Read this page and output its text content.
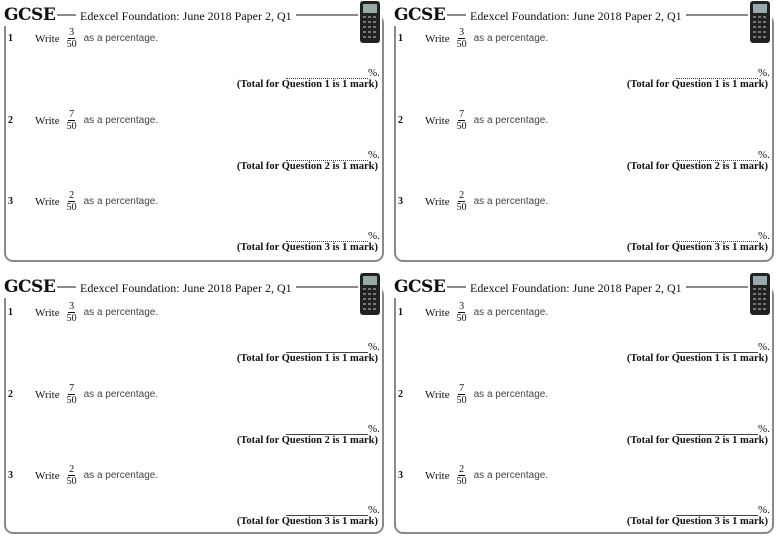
GCSE	Edexcel Foundation: June 2018 Paper 2, Q1
1 Write $\frac{3}{50}$ as a percentage.
%.
(Total for Question 1 is 1 mark)
2 Write $\frac{7}{50}$ as a percentage.
%.
(Total for Question 2 is 1 mark)
3 Write $\frac{2}{50}$ as a percentage.
%.
(Total for Question 3 is 1 mark)
GCSE	Edexcel Foundation: June 2018 Paper 2, Q1
1 Write $\frac{3}{50}$ as a percentage.
%.
(Total for Question 1 is 1 mark)
2 Write $\frac{7}{50}$ as a percentage.
%.
(Total for Question 2 is 1 mark)
3 Write $\frac{2}{50}$ as a percentage.
%.
(Total for Question 3 is 1 mark)
GCSE	Edexcel Foundation: June 2018 Paper 2, Q1
1 Write $\frac{3}{50}$ as a percentage.
%.
(Total for Question 1 is 1 mark)
2 Write $\frac{7}{50}$ as a percentage.
%.
(Total for Question 2 is 1 mark)
3 Write $\frac{2}{50}$ as a percentage.
%.
(Total for Question 3 is 1 mark)
GCSE	Edexcel Foundation: June 2018 Paper 2, Q1
1 Write $\frac{3}{50}$ as a percentage.
%.
(Total for Question 1 is 1 mark)
2 Write $\frac{7}{50}$ as a percentage.
%.
(Total for Question 2 is 1 mark)
3 Write $\frac{2}{50}$ as a percentage.
%.
(Total for Question 3 is 1 mark)
